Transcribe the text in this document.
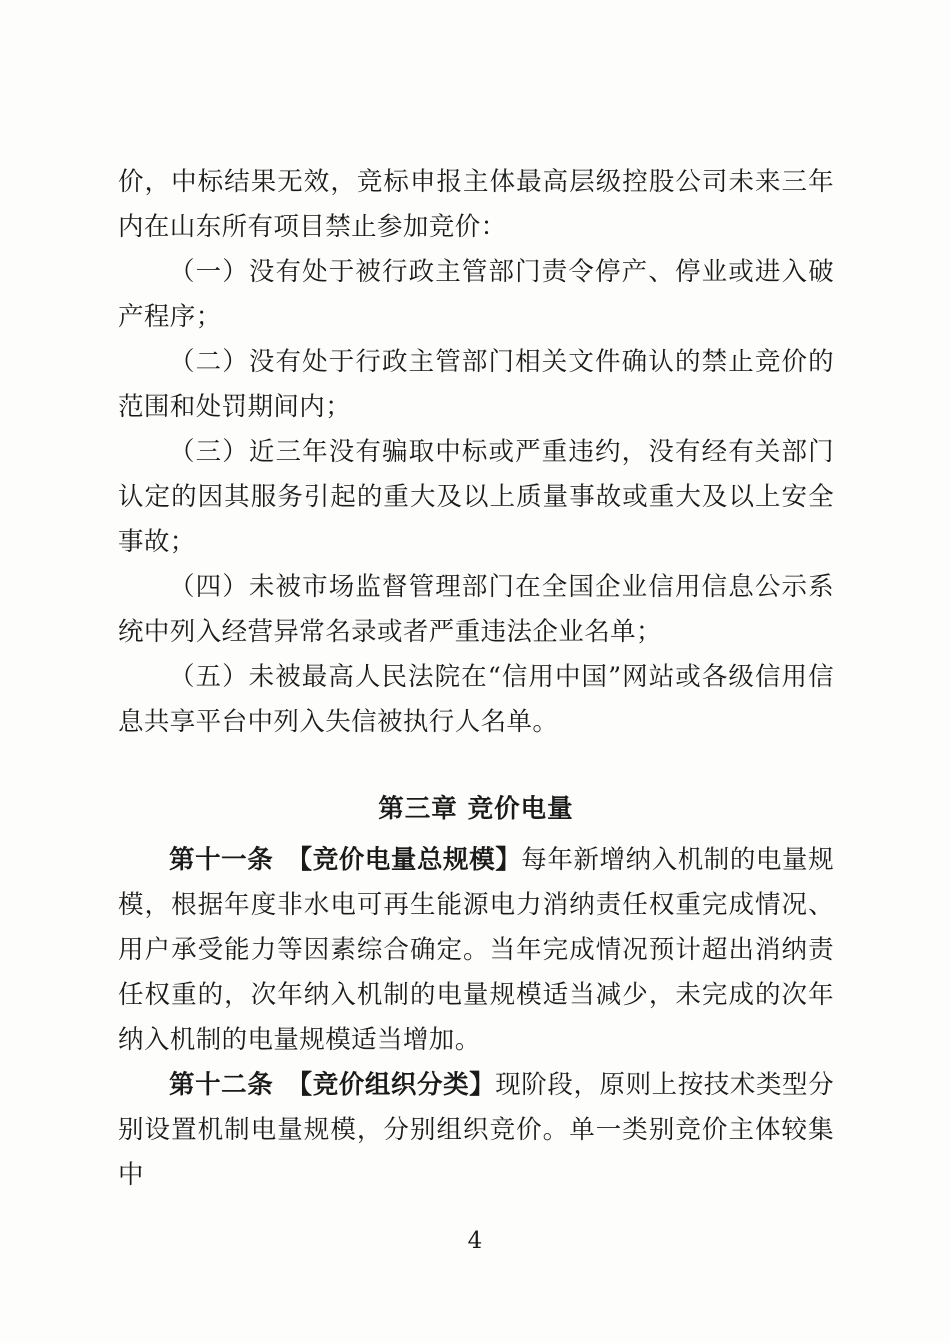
价，中标结果无效，竞标申报主体最高层级控股公司未来三年内在山东所有项目禁止参加竞价：

（一）没有处于被行政主管部门责令停产、停业或进入破产程序；

（二）没有处于行政主管部门相关文件确认的禁止竞价的范围和处罚期间内；

（三）近三年没有骗取中标或严重违约，没有经有关部门认定的因其服务引起的重大及以上质量事故或重大及以上安全事故；

（四）未被市场监督管理部门在全国企业信用信息公示系统中列入经营异常名录或者严重违法企业名单；

（五）未被最高人民法院在“信用中国”网站或各级信用信息共享平台中列入失信被执行人名单。

第三章 竞价电量

第十一条　 【竞价电量总规模】每年新增纳入机制的电量规模，根据年度非水电可再生能源电力消纳责任权重完成情况、用户承受能力等因素综合确定。当年完成情况预计超出消纳责任权重的，次年纳入机制的电量规模适当减少，未完成的次年纳入机制的电量规模适当增加。

第十二条　 【竞价组织分类】现阶段，原则上按技术类型分别设置机制电量规模，分别组织竞价。单一类别竞价主体较集中

4
